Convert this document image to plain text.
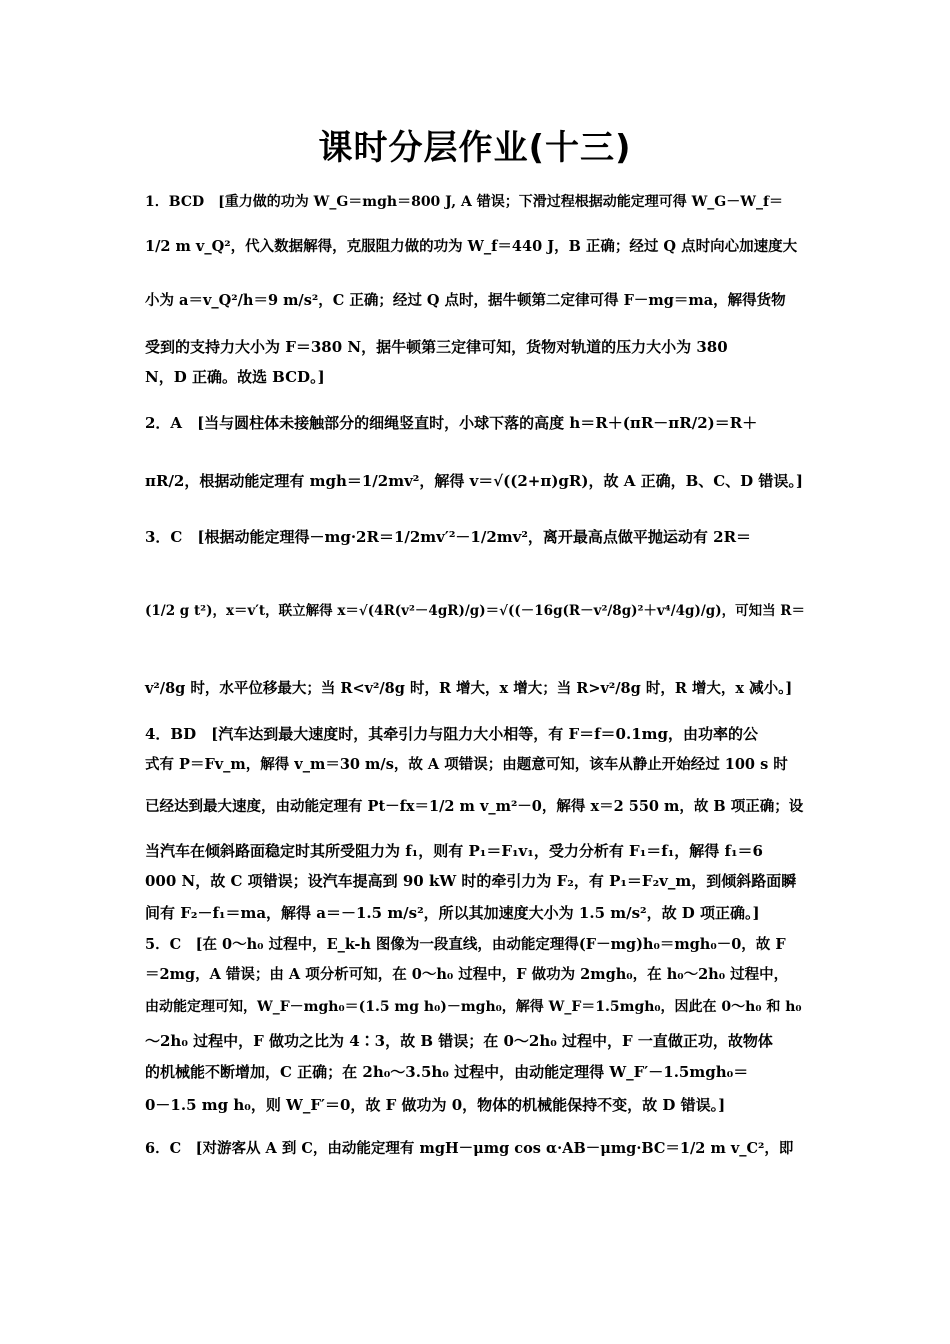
课时分层作业(十三)
1．BCD　[重力做的功为 W_G＝mgh＝800 J, A 错误；下滑过程根据动能定理可得 W_G－W_f＝
1/2 m v_Q²，代入数据解得，克服阻力做的功为 W_f＝440 J，B 正确；经过 Q 点时向心加速度大
小为 a＝v_Q²/h＝9 m/s²，C 正确；经过 Q 点时，据牛顿第二定律可得 F－mg＝ma，解得货物
受到的支持力大小为 F＝380 N，据牛顿第三定律可知，货物对轨道的压力大小为 380
N，D 正确。故选 BCD。]
2．A　[当与圆柱体未接触部分的细绳竖直时，小球下落的高度 h＝R＋(πR－πR/2)＝R＋
πR/2，根据动能定理有 mgh＝1/2mv²，解得 v＝√((2+π)gR)，故 A 正确，B、C、D 错误。]
3．C　[根据动能定理得－mg·2R＝1/2mv′²－1/2mv²，离开最高点做平抛运动有 2R＝
(1/2 g t²)，x＝v′t，联立解得 x＝√(4R(v²－4gR)/g)＝√((－16g(R－v²/8g)²＋v⁴/4g)/g)，可知当 R＝
v²/8g 时，水平位移最大；当 R<v²/8g 时，R 增大，x 增大；当 R>v²/8g 时，R 增大，x 减小。]
4．BD　[汽车达到最大速度时，其牵引力与阻力大小相等，有 F＝f＝0.1mg，由功率的公
式有 P＝Fv_m，解得 v_m＝30 m/s，故 A 项错误；由题意可知，该车从静止开始经过 100 s 时
已经达到最大速度，由动能定理有 Pt－fx＝1/2 m v_m²－0，解得 x＝2 550 m，故 B 项正确；设
当汽车在倾斜路面稳定时其所受阻力为 f₁，则有 P₁＝F₁v₁，受力分析有 F₁＝f₁，解得 f₁＝6
000 N，故 C 项错误；设汽车提高到 90 kW 时的牵引力为 F₂，有 P₁＝F₂v_m，到倾斜路面瞬
间有 F₂－f₁＝ma，解得 a＝－1.5 m/s²，所以其加速度大小为 1.5 m/s²，故 D 项正确。]
5．C　[在 0～h₀ 过程中，E_k-h 图像为一段直线，由动能定理得(F－mg)h₀＝mgh₀－0，故 F
＝2mg，A 错误；由 A 项分析可知，在 0～h₀ 过程中，F 做功为 2mgh₀，在 h₀～2h₀ 过程中，
由动能定理可知，W_F－mgh₀＝(1.5 mg h₀)－mgh₀，解得 W_F＝1.5mgh₀，因此在 0～h₀ 和 h₀
～2h₀ 过程中，F 做功之比为 4∶3，故 B 错误；在 0～2h₀ 过程中，F 一直做正功，故物体
的机械能不断增加，C 正确；在 2h₀～3.5h₀ 过程中，由动能定理得 W_F′－1.5mgh₀＝
0－1.5 mg h₀，则 W_F′＝0，故 F 做功为 0，物体的机械能保持不变，故 D 错误。]
6．C　[对游客从 A 到 C，由动能定理有 mgH－μmg cos α·AB－μmg·BC＝1/2 m v_C²，即
